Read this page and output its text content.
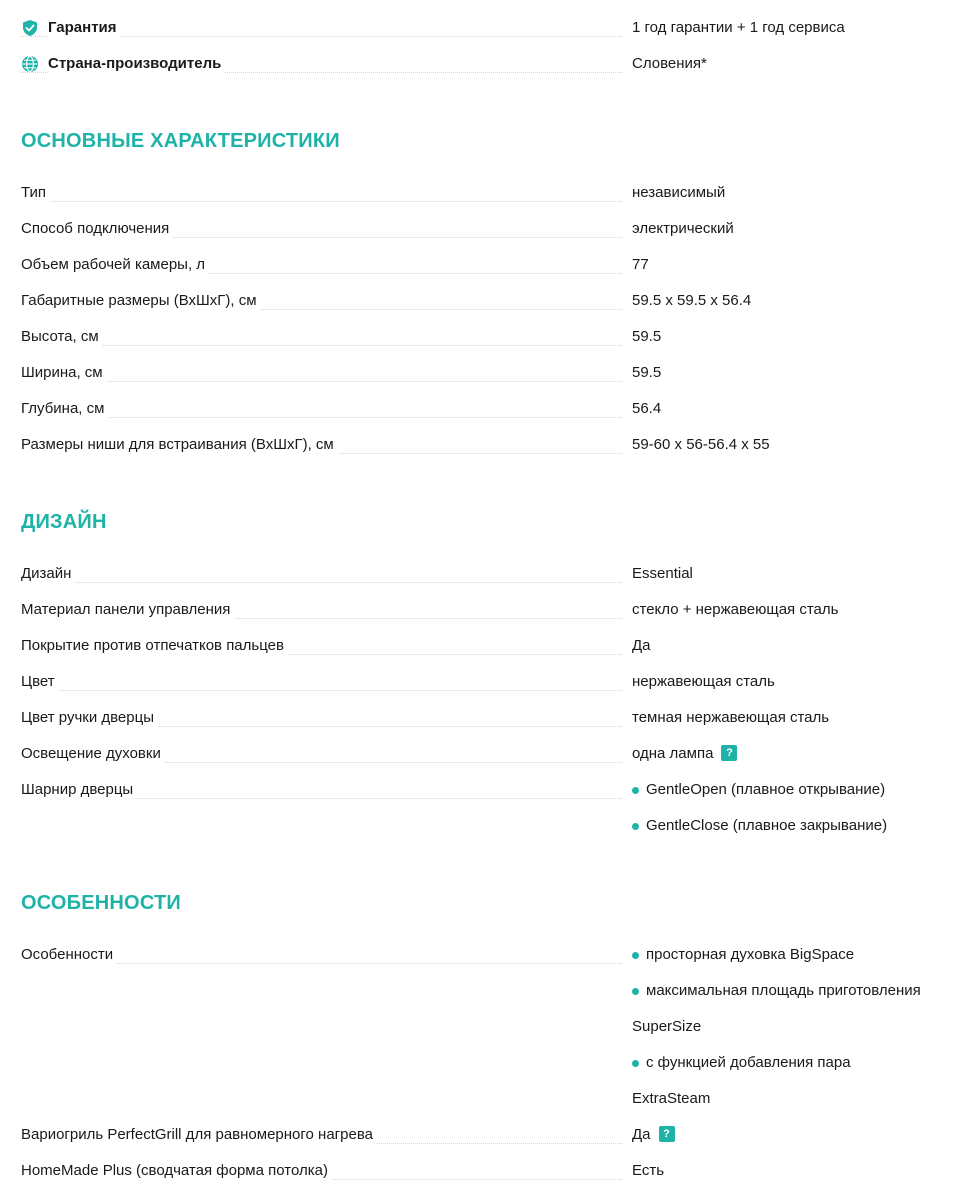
Гарантия	1 год гарантии + 1 год сервиса
Страна-производитель	Словения*
ОСНОВНЫЕ ХАРАКТЕРИСТИКИ
Тип	независимый
Способ подключения	электрический
Объем рабочей камеры, л	77
Габаритные размеры (ВхШхГ), см	59.5 x 59.5 x 56.4
Высота, см	59.5
Ширина, см	59.5
Глубина, см	56.4
Размеры ниши для встраивания (ВхШхГ), см	59-60 x 56-56.4 x 55
ДИЗАЙН
Дизайн	Essential
Материал панели управления	стекло + нержавеющая сталь
Покрытие против отпечатков пальцев	Да
Цвет	нержавеющая сталь
Цвет ручки дверцы	темная нержавеющая сталь
Освещение духовки	одна лампа	?
Шарнир дверцы	GentleOpen (плавное открывание)
GentleClose (плавное закрывание)
ОСОБЕННОСТИ
Особенности	просторная духовка BigSpace
максимальная площадь приготовления
SuperSize
с функцией добавления пара
ExtraSteam
Вариогриль PerfectGrill для равномерного нагрева	Да	?
HomeMade Plus (сводчатая форма потолка)	Есть
